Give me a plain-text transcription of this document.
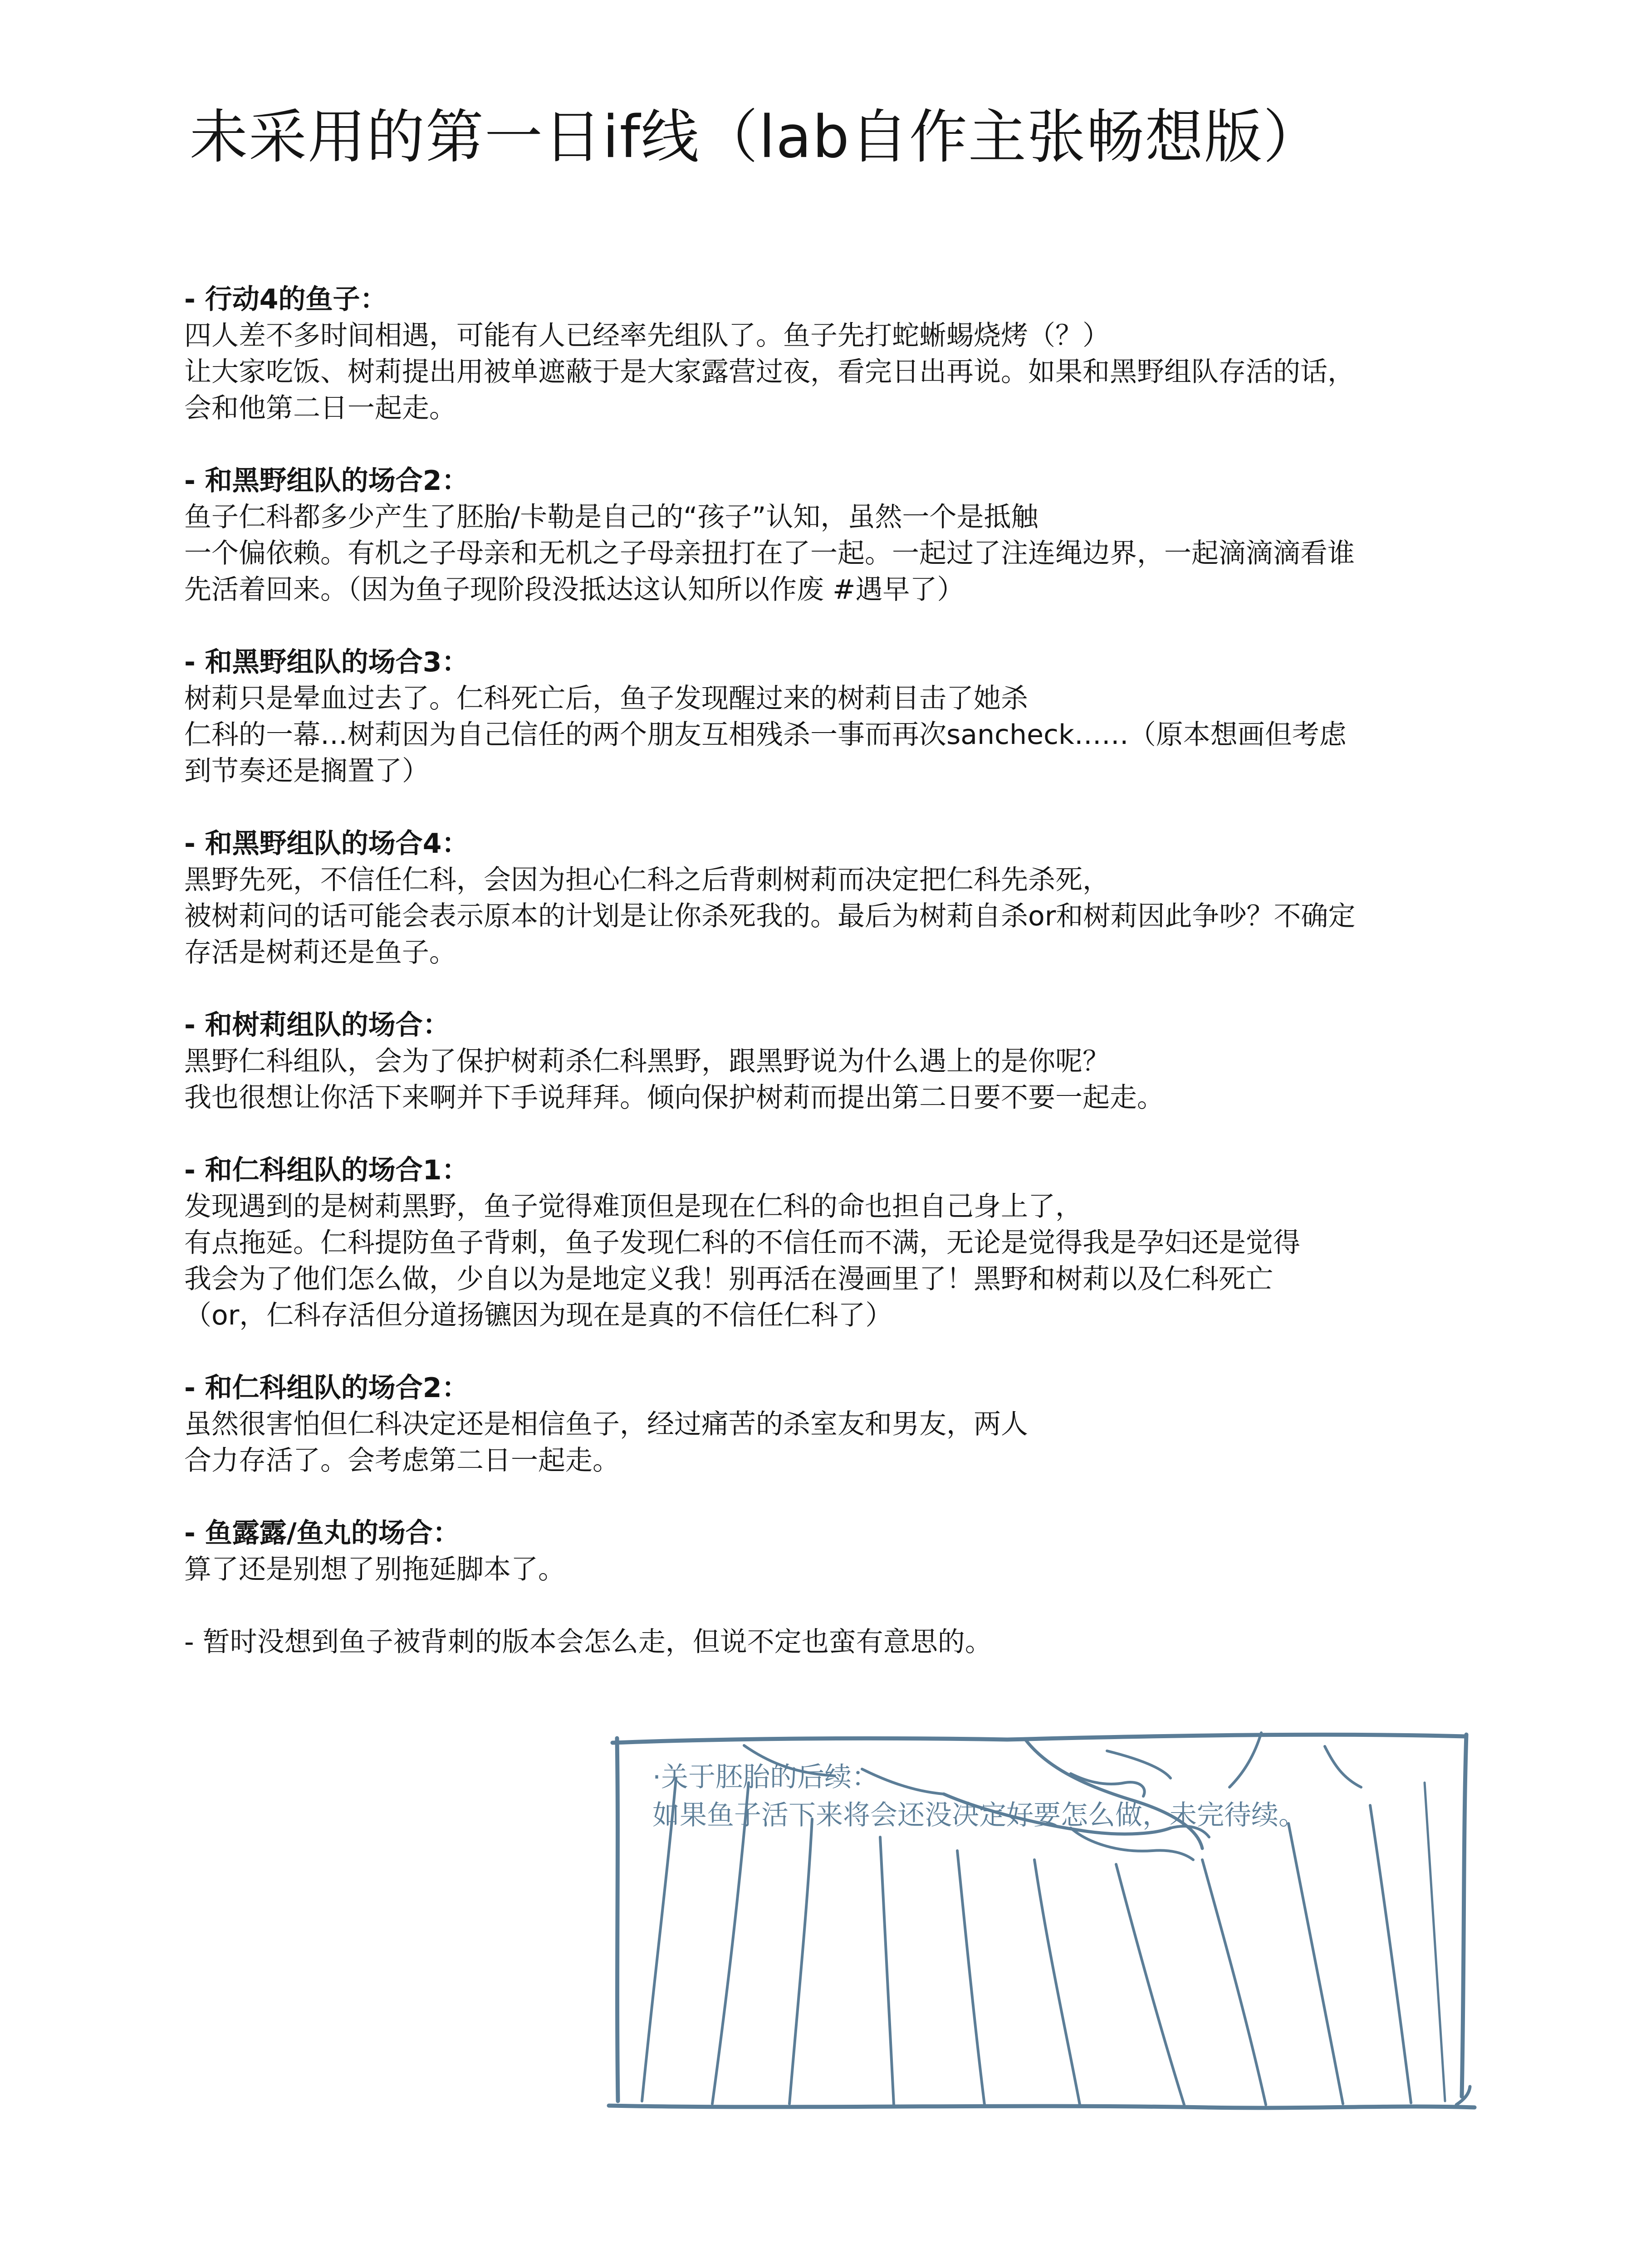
未采用的第一日if线（lab自作主张畅想版）
- 行动4的鱼子：
四人差不多时间相遇，可能有人已经率先组队了。鱼子先打蛇蜥蜴烧烤（？）
让大家吃饭、树莉提出用被单遮蔽于是大家露营过夜，看完日出再说。如果和黑野组队存活的话，
会和他第二日一起走。
- 和黑野组队的场合2：
鱼子仁科都多少产生了胚胎/卡勒是自己的“孩子”认知，虽然一个是抵触
一个偏依赖。有机之子母亲和无机之子母亲扭打在了一起。一起过了注连绳边界，一起滴滴滴看谁
先活着回来。（因为鱼子现阶段没抵达这认知所以作废 #遇早了）
- 和黑野组队的场合3：
树莉只是晕血过去了。仁科死亡后，鱼子发现醒过来的树莉目击了她杀
仁科的一幕…树莉因为自己信任的两个朋友互相残杀一事而再次sancheck……（原本想画但考虑
到节奏还是搁置了）
- 和黑野组队的场合4：
黑野先死，不信任仁科，会因为担心仁科之后背刺树莉而决定把仁科先杀死，
被树莉问的话可能会表示原本的计划是让你杀死我的。最后为树莉自杀or和树莉因此争吵？不确定
存活是树莉还是鱼子。
- 和树莉组队的场合：
黑野仁科组队，会为了保护树莉杀仁科黑野，跟黑野说为什么遇上的是你呢？
我也很想让你活下来啊并下手说拜拜。倾向保护树莉而提出第二日要不要一起走。
- 和仁科组队的场合1：
发现遇到的是树莉黑野，鱼子觉得难顶但是现在仁科的命也担自己身上了，
有点拖延。仁科提防鱼子背刺，鱼子发现仁科的不信任而不满，无论是觉得我是孕妇还是觉得
我会为了他们怎么做，少自以为是地定义我！别再活在漫画里了！黑野和树莉以及仁科死亡
（or，仁科存活但分道扬镳因为现在是真的不信任仁科了）
- 和仁科组队的场合2：
虽然很害怕但仁科决定还是相信鱼子，经过痛苦的杀室友和男友，两人
合力存活了。会考虑第二日一起走。
- 鱼露露/鱼丸的场合：
算了还是别想了别拖延脚本了。
- 暂时没想到鱼子被背刺的版本会怎么走，但说不定也蛮有意思的。
·关于胚胎的后续：
如果鱼子活下来将会还没决定好要怎么做，未完待续。
